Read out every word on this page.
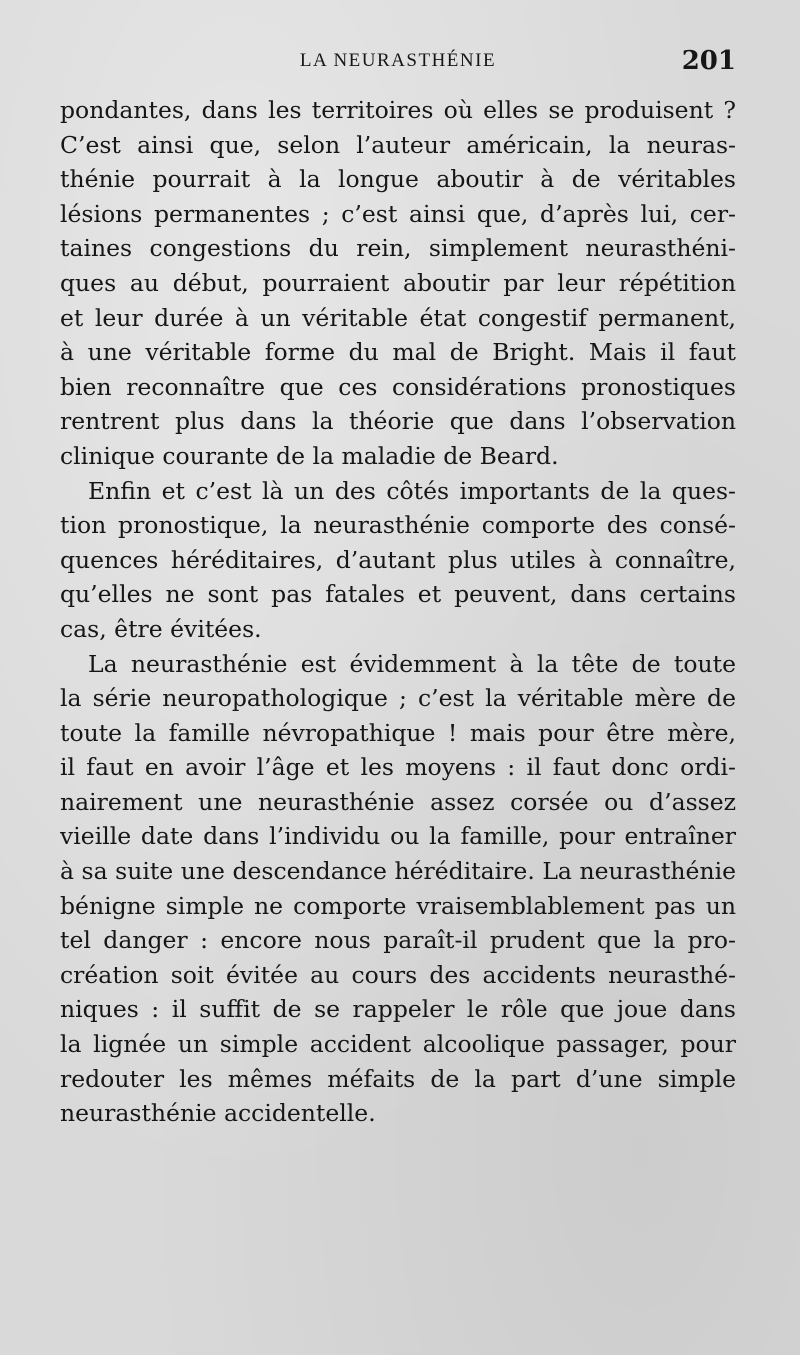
LA NEURASTHÉNIE	201
pondantes, dans les territoires où elles se produisent ?
C’est ainsi que, selon l’auteur américain, la neuras-
thénie pourrait à la longue aboutir à de véritables
lésions permanentes ; c’est ainsi que, d’après lui, cer-
taines congestions du rein, simplement neurasthéni-
ques au début, pourraient aboutir par leur répétition
et leur durée à un véritable état congestif permanent,
à une véritable forme du mal de Bright. Mais il faut
bien reconnaître que ces considérations pronostiques
rentrent plus dans la théorie que dans l’observation
clinique courante de la maladie de Beard.
Enfin et c’est là un des côtés importants de la ques-
tion pronostique, la neurasthénie comporte des consé-
quences héréditaires, d’autant plus utiles à connaître,
qu’elles ne sont pas fatales et peuvent, dans certains
cas, être évitées.
La neurasthénie est évidemment à la tête de toute
la série neuropathologique ; c’est la véritable mère de
toute la famille névropathique ! mais pour être mère,
il faut en avoir l’âge et les moyens : il faut donc ordi-
nairement une neurasthénie assez corsée ou d’assez
vieille date dans l’individu ou la famille, pour entraîner
à sa suite une descendance héréditaire. La neurasthénie
bénigne simple ne comporte vraisemblablement pas un
tel danger : encore nous paraît-il prudent que la pro-
création soit évitée au cours des accidents neurasthé-
niques : il suffit de se rappeler le rôle que joue dans
la lignée un simple accident alcoolique passager, pour
redouter les mêmes méfaits de la part d’une simple
neurasthénie accidentelle.
